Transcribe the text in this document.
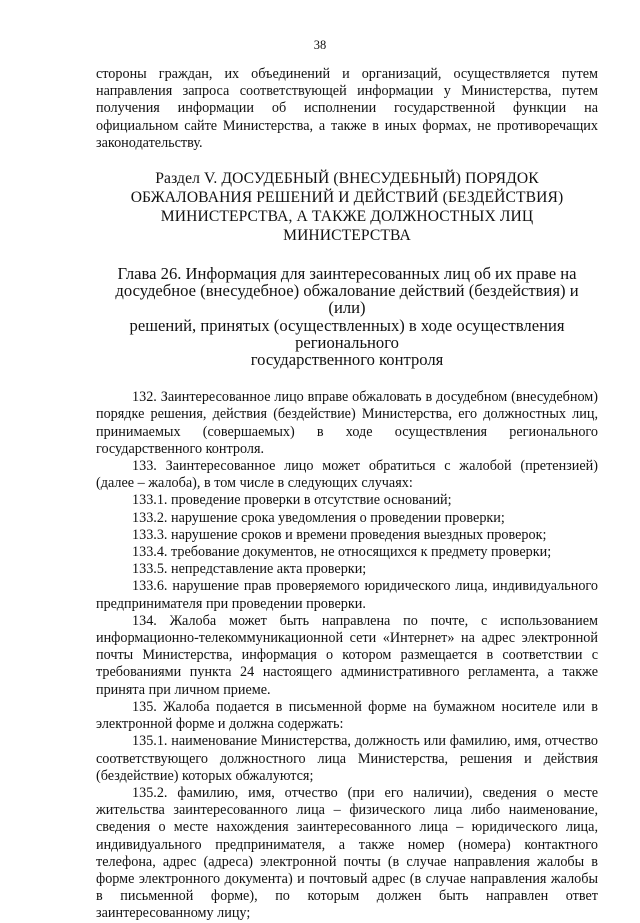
38

стороны граждан, их объединений и организаций, осуществляется путем направления запроса соответствующей информации у Министерства, путем получения информации об исполнении государственной функции на официальном сайте Министерства, а также в иных формах, не противоречащих законодательству.

Раздел V. ДОСУДЕБНЫЙ (ВНЕСУДЕБНЫЙ) ПОРЯДОК
ОБЖАЛОВАНИЯ РЕШЕНИЙ И ДЕЙСТВИЙ (БЕЗДЕЙСТВИЯ)
МИНИСТЕРСТВА, А ТАКЖЕ ДОЛЖНОСТНЫХ ЛИЦ МИНИСТЕРСТВА
Глава 26. Информация для заинтересованных лиц об их праве на
досудебное (внесудебное) обжалование действий (бездействия) и (или)
решений, принятых (осуществленных) в ходе осуществления регионального
государственного контроля

132. Заинтересованное лицо вправе обжаловать в досудебном (внесудебном) порядке решения, действия (бездействие) Министерства, его должностных лиц, принимаемых (совершаемых) в ходе осуществления регионального государственного контроля.

133. Заинтересованное лицо может обратиться с жалобой (претензией) (далее – жалоба), в том числе в следующих случаях:

133.1. проведение проверки в отсутствие оснований;

133.2. нарушение срока уведомления о проведении проверки;

133.3. нарушение сроков и времени проведения выездных проверок;

133.4. требование документов, не относящихся к предмету проверки;

133.5. непредставление акта проверки;

133.6. нарушение прав проверяемого юридического лица, индивидуального предпринимателя при проведении проверки.

134. Жалоба может быть направлена по почте, с использованием информационно-телекоммуникационной сети «Интернет» на адрес электронной почты Министерства, информация о котором размещается в соответствии с требованиями пункта 24 настоящего административного регламента, а также принята при личном приеме.

135. Жалоба подается в письменной форме на бумажном носителе или в электронной форме и должна содержать:

135.1. наименование Министерства, должность или фамилию, имя, отчество соответствующего должностного лица Министерства, решения и действия (бездействие) которых обжалуются;

135.2. фамилию, имя, отчество (при его наличии), сведения о месте жительства заинтересованного лица – физического лица либо наименование, сведения о месте нахождения заинтересованного лица – юридического лица, индивидуального предпринимателя, а также номер (номера) контактного телефона, адрес (адреса) электронной почты (в случае направления жалобы в форме электронного документа) и почтовый адрес (в случае направления жалобы в письменной форме), по которым должен быть направлен ответ заинтересованному лицу;
